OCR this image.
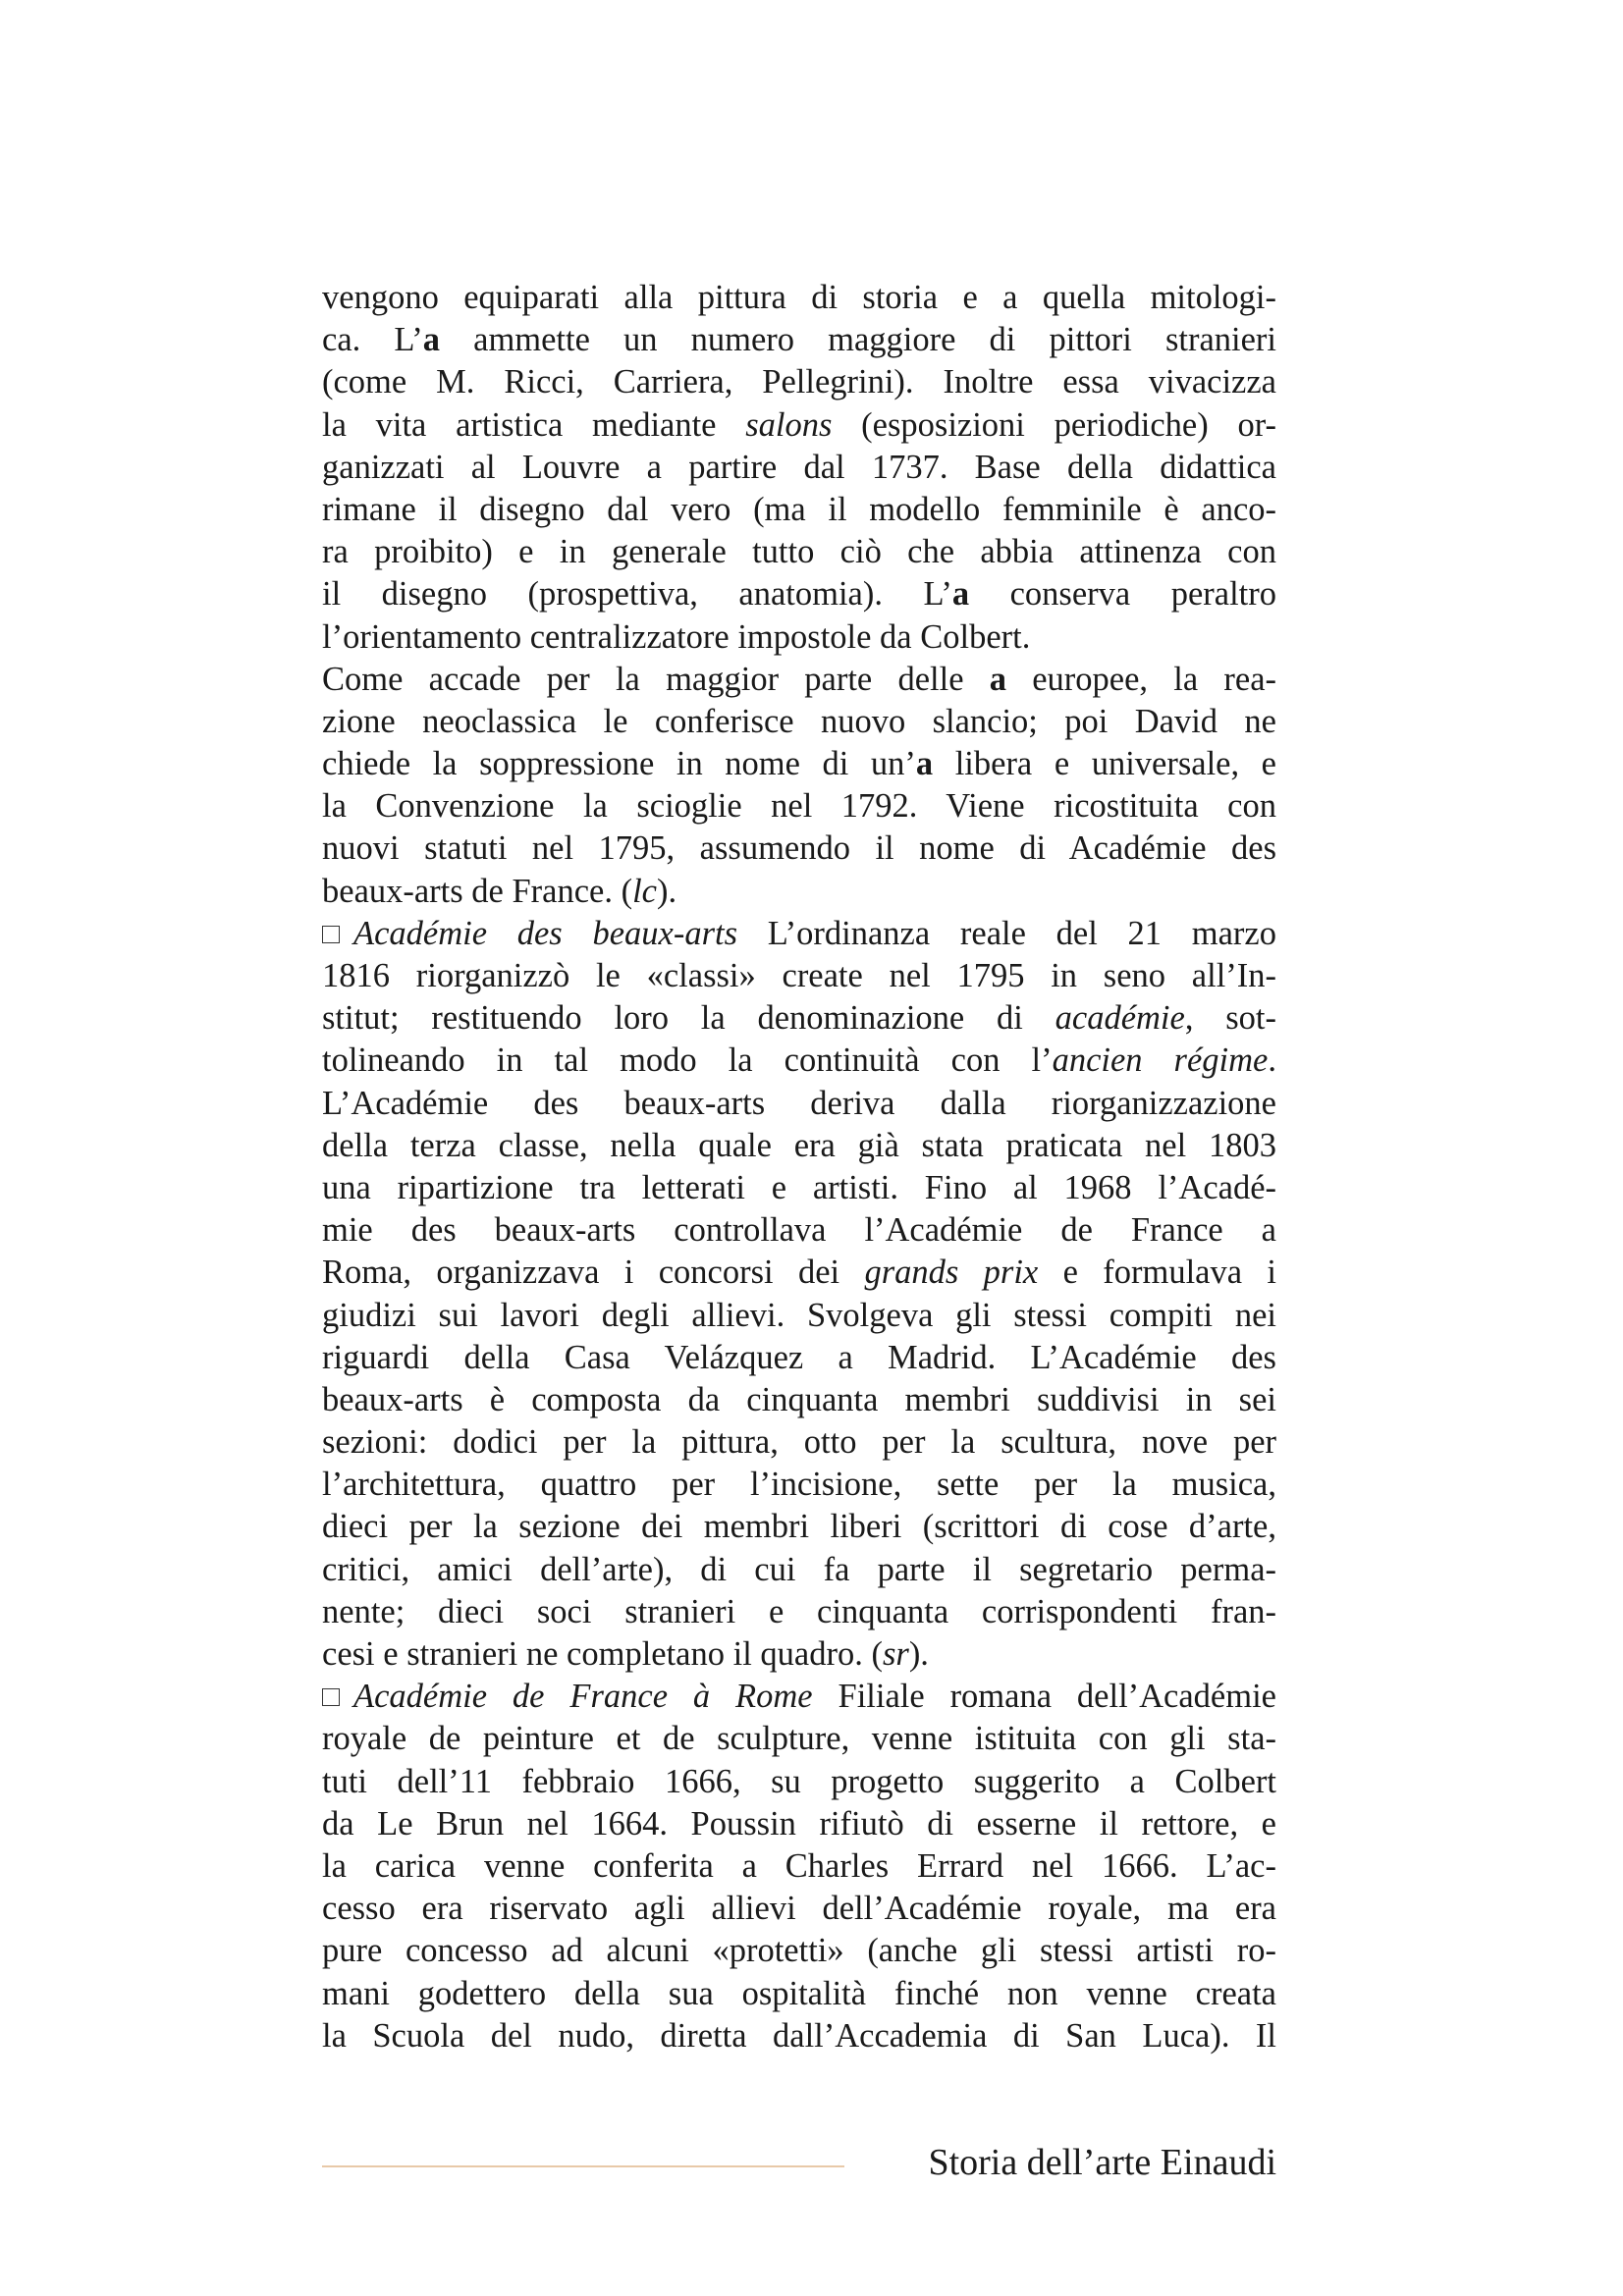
vengono equiparati alla pittura di storia e a quella mitologi-
ca. L’a ammette un numero maggiore di pittori stranieri
(come M. Ricci, Carriera, Pellegrini). Inoltre essa vivacizza
la vita artistica mediante salons (esposizioni periodiche) or-
ganizzati al Louvre a partire dal 1737. Base della didattica
rimane il disegno dal vero (ma il modello femminile è anco-
ra proibito) e in generale tutto ciò che abbia attinenza con
il disegno (prospettiva, anatomia). L’a conserva peraltro
l’orientamento centralizzatore impostole da Colbert.
Come accade per la maggior parte delle a europee, la rea-
zione neoclassica le conferisce nuovo slancio; poi David ne
chiede la soppressione in nome di un’a libera e universale, e
la Convenzione la scioglie nel 1792. Viene ricostituita con
nuovi statuti nel 1795, assumendo il nome di Académie des
beaux-arts de France. (lc).
Académie des beaux-arts L’ordinanza reale del 21 marzo
1816 riorganizzò le «classi» create nel 1795 in seno all’In-
stitut; restituendo loro la denominazione di académie, sot-
tolineando in tal modo la continuità con l’ancien régime.
L’Académie des beaux-arts deriva dalla riorganizzazione
della terza classe, nella quale era già stata praticata nel 1803
una ripartizione tra letterati e artisti. Fino al 1968 l’Acadé-
mie des beaux-arts controllava l’Académie de France a
Roma, organizzava i concorsi dei grands prix e formulava i
giudizi sui lavori degli allievi. Svolgeva gli stessi compiti nei
riguardi della Casa Velázquez a Madrid. L’Académie des
beaux-arts è composta da cinquanta membri suddivisi in sei
sezioni: dodici per la pittura, otto per la scultura, nove per
l’architettura, quattro per l’incisione, sette per la musica,
dieci per la sezione dei membri liberi (scrittori di cose d’arte,
critici, amici dell’arte), di cui fa parte il segretario perma-
nente; dieci soci stranieri e cinquanta corrispondenti fran-
cesi e stranieri ne completano il quadro. (sr).
Académie de France à Rome Filiale romana dell’Académie
royale de peinture et de sculpture, venne istituita con gli sta-
tuti dell’11 febbraio 1666, su progetto suggerito a Colbert
da Le Brun nel 1664. Poussin rifiutò di esserne il rettore, e
la carica venne conferita a Charles Errard nel 1666. L’ac-
cesso era riservato agli allievi dell’Académie royale, ma era
pure concesso ad alcuni «protetti» (anche gli stessi artisti ro-
mani godettero della sua ospitalità finché non venne creata
la Scuola del nudo, diretta dall’Accademia di San Luca). Il
Storia dell’arte Einaudi
